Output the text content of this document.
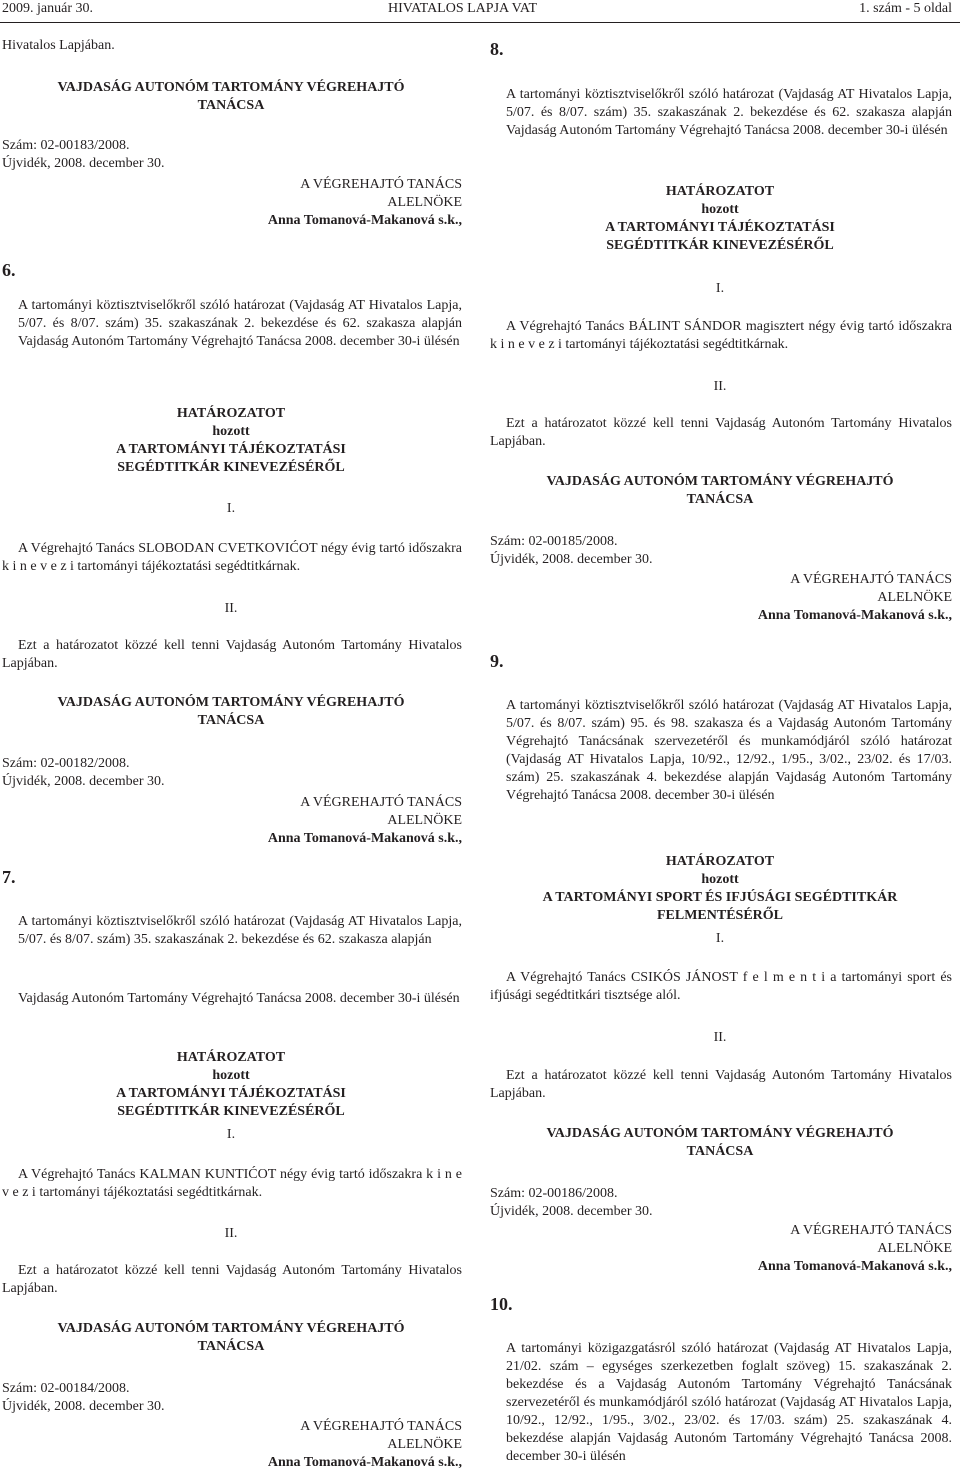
2009. január 30.	HIVATALOS LAPJA VAT	1. szám - 5 oldal
Hivatalos Lapjában.
VAJDASÁG AUTONÓM TARTOMÁNY VÉGREHAJTÓ
TANÁCSA
Szám: 02-00183/2008.
Újvidék, 2008. december 30.
A VÉGREHAJTÓ TANÁCS
ALELNÖKE
Anna Tomanová-Makanová s.k.,
6.
A tartományi köztisztviselőkről szóló határozat (Vajdaság AT Hivatalos Lapja, 5/07. és 8/07. szám) 35. szakaszának 2. bekezdése és 62. szakasza alapján Vajdaság Autonóm Tartomány Végrehajtó Tanácsa 2008. december 30-i ülésén
HATÁROZATOT
hozott
A TARTOMÁNYI TÁJÉKOZTATÁSI
SEGÉDTITKÁR KINEVEZÉSÉRŐL
I.
A Végrehajtó Tanács SLOBODAN CVETKOVIĆOT négy évig tartó időszakra k i n e v e z i tartományi tájékoztatási segédtitkárnak.
II.
Ezt a határozatot közzé kell tenni Vajdaság Autonóm Tartomány Hivatalos Lapjában.
VAJDASÁG AUTONÓM TARTOMÁNY VÉGREHAJTÓ
TANÁCSA
Szám: 02-00182/2008.
Újvidék, 2008. december 30.
A VÉGREHAJTÓ TANÁCS
ALELNÖKE
Anna Tomanová-Makanová s.k.,
7.
A tartományi köztisztviselőkről szóló határozat (Vajdaság AT Hivatalos Lapja, 5/07. és 8/07. szám) 35. szakaszának 2. bekezdése és 62. szakasza alapján
Vajdaság Autonóm Tartomány Végrehajtó Tanácsa 2008. december 30-i ülésén
HATÁROZATOT
hozott
A TARTOMÁNYI TÁJÉKOZTATÁSI
SEGÉDTITKÁR KINEVEZÉSÉRŐL
I.
A Végrehajtó Tanács KALMAN KUNTIĆOT négy évig tartó időszakra k i n e v e z i tartományi tájékoztatási segédtitkárnak.
II.
Ezt a határozatot közzé kell tenni Vajdaság Autonóm Tartomány Hivatalos Lapjában.
VAJDASÁG AUTONÓM TARTOMÁNY VÉGREHAJTÓ
TANÁCSA
Szám: 02-00184/2008.
Újvidék, 2008. december 30.
A VÉGREHAJTÓ TANÁCS
ALELNÖKE
Anna Tomanová-Makanová s.k.,
8.
A tartományi köztisztviselőkről szóló határozat (Vajdaság AT Hivatalos Lapja, 5/07. és 8/07. szám) 35. szakaszának 2. bekezdése és 62. szakasza alapján Vajdaság Autonóm Tartomány Végrehajtó Tanácsa 2008. december 30-i ülésén
HATÁROZATOT
hozott
A TARTOMÁNYI TÁJÉKOZTATÁSI
SEGÉDTITKÁR KINEVEZÉSÉRŐL
I.
A Végrehajtó Tanács BÁLINT SÁNDOR magisztert négy évig tartó időszakra k i n e v e z i tartományi tájékoztatási segédtitkárnak.
II.
Ezt a határozatot közzé kell tenni Vajdaság Autonóm Tartomány Hivatalos Lapjában.
VAJDASÁG AUTONÓM TARTOMÁNY VÉGREHAJTÓ
TANÁCSA
Szám: 02-00185/2008.
Újvidék, 2008. december 30.
A VÉGREHAJTÓ TANÁCS
ALELNÖKE
Anna Tomanová-Makanová s.k.,
9.
A tartományi köztisztviselőkről szóló határozat (Vajdaság AT Hivatalos Lapja, 5/07. és 8/07. szám) 95. és 98. szakasza és a Vajdaság Autonóm Tartomány Végrehajtó Tanácsának szervezetéről és munkamódjáról szóló határozat (Vajdaság AT Hivatalos Lapja, 10/92., 12/92., 1/95., 3/02., 23/02. és 17/03. szám) 25. szakaszának 4. bekezdése alapján Vajdaság Autonóm Tartomány Végrehajtó Tanácsa 2008. december 30-i ülésén
HATÁROZATOT
hozott
A TARTOMÁNYI SPORT ÉS IFJÚSÁGI SEGÉDTITKÁR
FELMENTÉSÉRŐL
I.
A Végrehajtó Tanács CSIKÓS JÁNOST f e l m e n t i a tartományi sport és ifjúsági segédtitkári tisztsége alól.
II.
Ezt a határozatot közzé kell tenni Vajdaság Autonóm Tartomány Hivatalos Lapjában.
VAJDASÁG AUTONÓM TARTOMÁNY VÉGREHAJTÓ
TANÁCSA
Szám: 02-00186/2008.
Újvidék, 2008. december 30.
A VÉGREHAJTÓ TANÁCS
ALELNÖKE
Anna Tomanová-Makanová s.k.,
10.
A tartományi közigazgatásról szóló határozat (Vajdaság AT Hivatalos Lapja, 21/02. szám – egységes szerkezetben foglalt szöveg) 15. szakaszának 2. bekezdése és a Vajdaság Autonóm Tartomány Végrehajtó Tanácsának szervezetéről és munkamódjáról szóló határozat (Vajdaság AT Hivatalos Lapja, 10/92., 12/92., 1/95., 3/02., 23/02. és 17/03. szám) 25. szakaszának 4. bekezdése alapján Vajdaság Autonóm Tartomány Végrehajtó Tanácsa 2008. december 30-i ülésén
